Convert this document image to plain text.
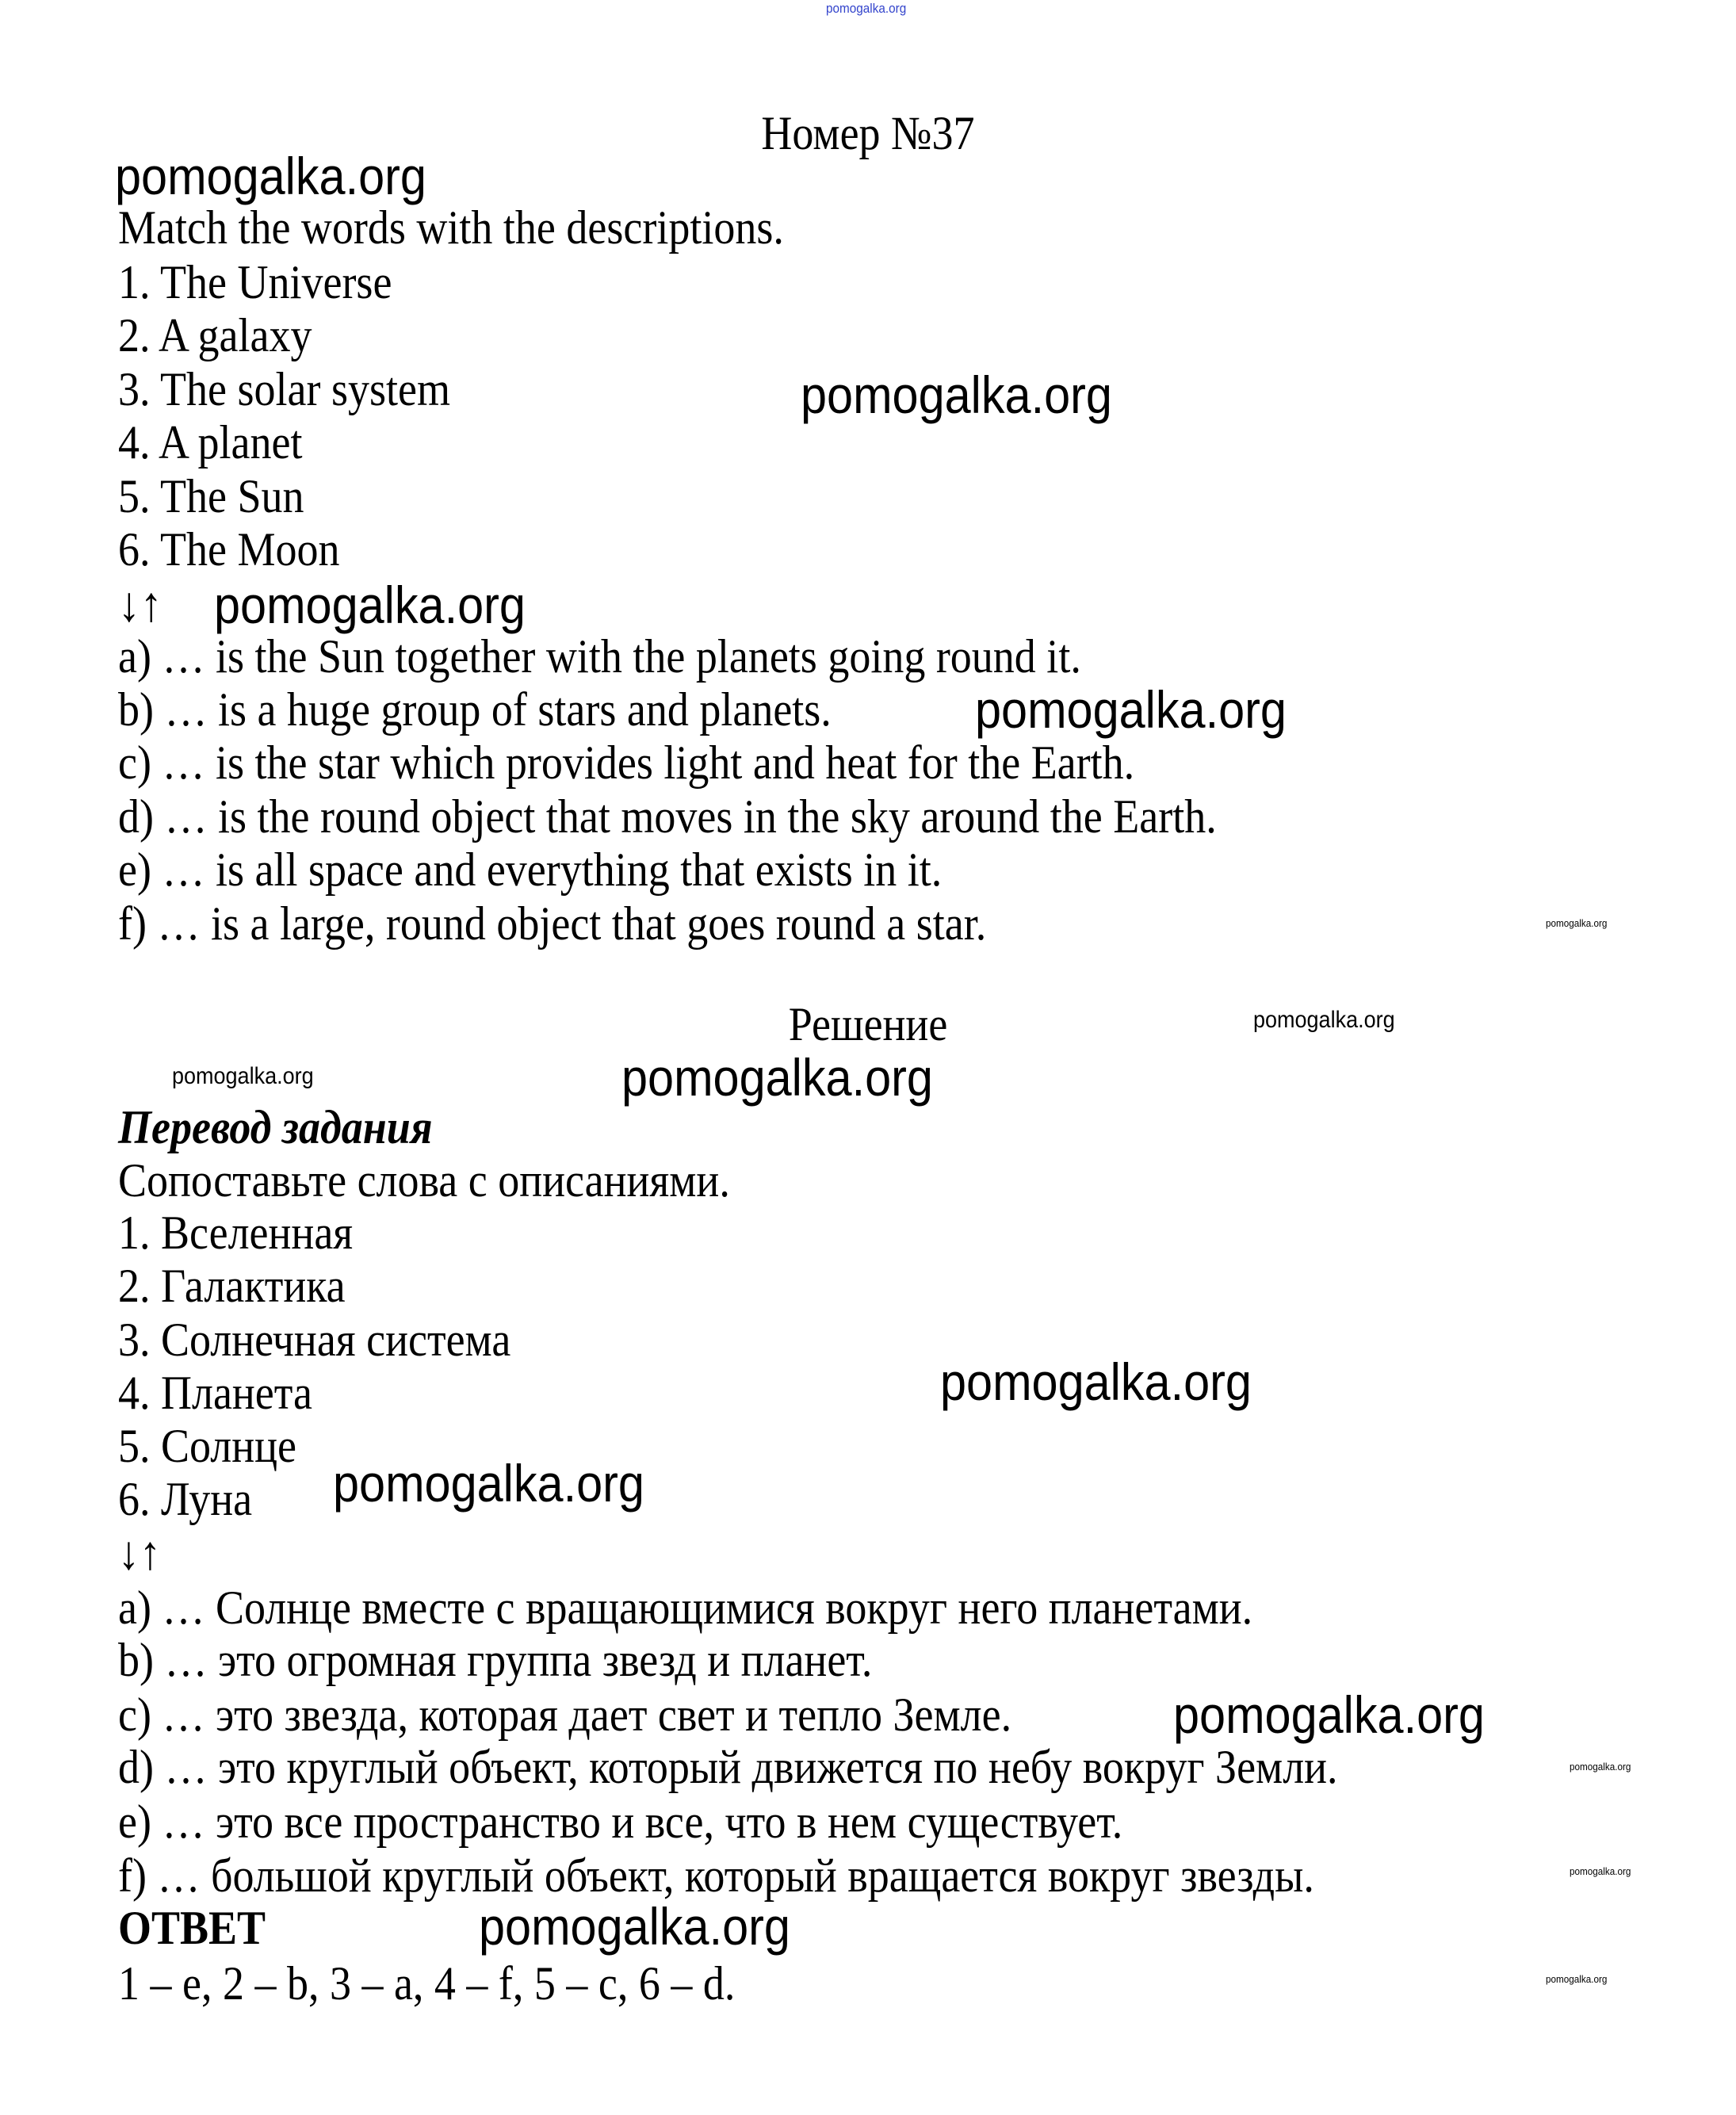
pomogalka.org
Номер №37
pomogalka.org
Match the words with the descriptions.
1. The Universe
2. A galaxy
3. The solar system	pomogalka.org
4. A planet
5. The Sun
6. The Moon
↓↑ pomogalka.org
a) … is the Sun together with the planets going round it.
b) … is a huge group of stars and planets.	pomogalka.org
c) … is the star which provides light and heat for the Earth.
d) … is the round object that moves in the sky around the Earth.
e) … is all space and everything that exists in it.
f) … is a large, round object that goes round a star.	pomogalka.org
Решение	pomogalka.org
pomogalka.org
pomogalka.org
Перевод задания
Сопоставьте слова с описаниями.
1. Вселенная
2. Галактика
3. Солнечная система
4. Планета	pomogalka.org
5. Солнце
6. Луна pomogalka.org
↓↑
a) … Солнце вместе с вращающимися вокруг него планетами.
b) … это огромная группа звезд и планет.
c) … это звезда, которая дает свет и тепло Земле.	pomogalka.org
d) … это круглый объект, который движется по небу вокруг Земли.	pomogalka.org
e) … это все пространство и все, что в нем существует.
pomogalka.org
f) … большой круглый объект, который вращается вокруг звезды.
ОТВЕТ	pomogalka.org
pomogalka.org
1 – e, 2 – b, 3 – a, 4 – f, 5 – c, 6 – d.
